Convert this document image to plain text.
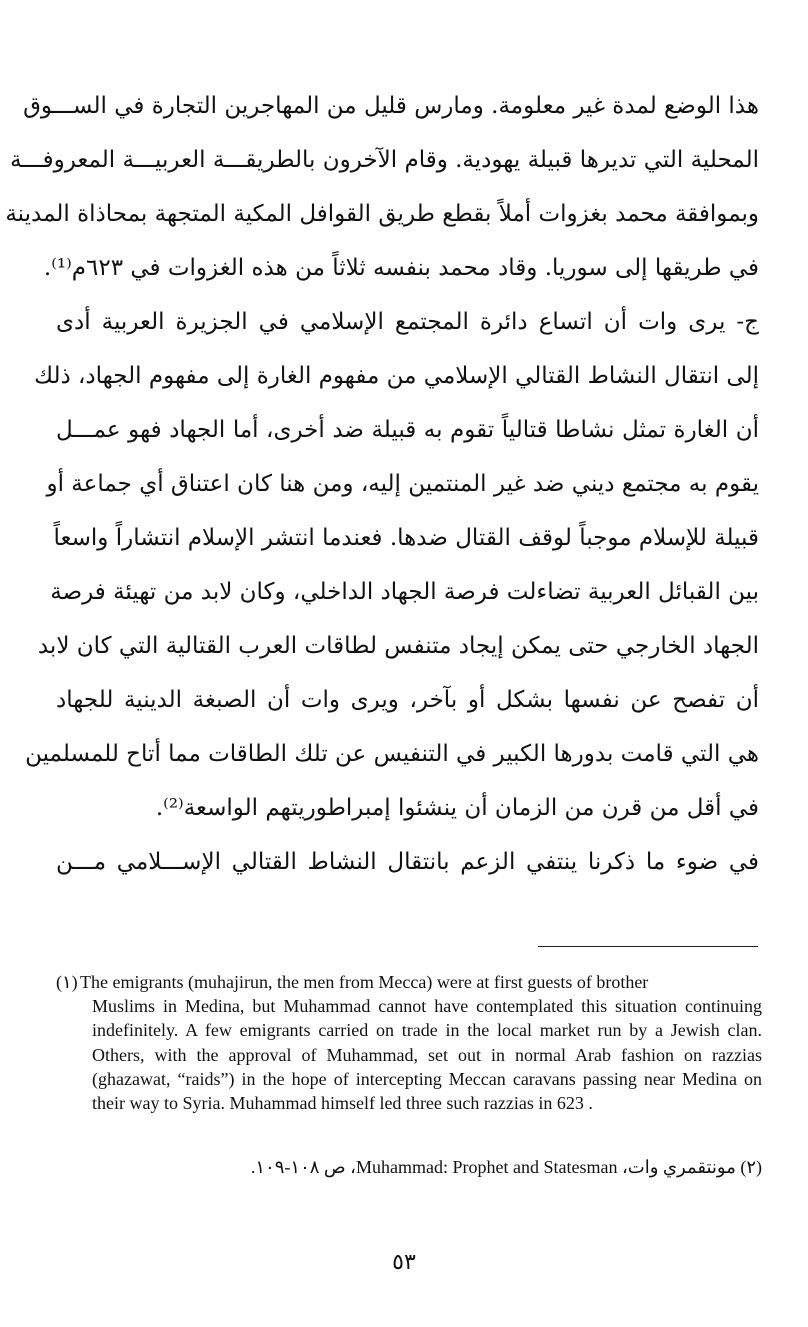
هذا الوضع لمدة غير معلومة. ومارس قليل من المهاجرين التجارة في الســـوق
المحلية التي تديرها قبيلة يهودية. وقام الآخرون بالطريقـــة العربيـــة المعروفـــة
وبموافقة محمد بغزوات أملاً بقطع طريق القوافل المكية المتجهة بمحاذاة المدينة
في طريقها إلى سوريا. وقاد محمد بنفسه ثلاثاً من هذه الغزوات في ٦٢٣م⁽¹⁾.
ج- يرى وات أن اتساع دائرة المجتمع الإسلامي في الجزيرة العربية أدى
إلى انتقال النشاط القتالي الإسلامي من مفهوم الغارة إلى مفهوم الجهاد، ذلك
أن الغارة تمثل نشاطا قتالياً تقوم به قبيلة ضد أخرى، أما الجهاد فهو عمـــل
يقوم به مجتمع ديني ضد غير المنتمين إليه، ومن هنا كان اعتناق أي جماعة أو
قبيلة للإسلام موجباً لوقف القتال ضدها. فعندما انتشر الإسلام انتشاراً واسعاً
بين القبائل العربية تضاءلت فرصة الجهاد الداخلي، وكان لابد من تهيئة فرصة
الجهاد الخارجي حتى يمكن إيجاد متنفس لطاقات العرب القتالية التي كان لابد
أن تفصح عن نفسها بشكل أو بآخر، ويرى وات أن الصبغة الدينية للجهاد
هي التي قامت بدورها الكبير في التنفيس عن تلك الطاقات مما أتاح للمسلمين
في أقل من قرن من الزمان أن ينشئوا إمبراطوريتهم الواسعة⁽²⁾.
في ضوء ما ذكرنا ينتفي الزعم بانتقال النشاط القتالي الإســـلامي مـــن
(١) The emigrants (muhajirun, the men from Mecca) were at first guests of brother
Muslims in Medina, but Muhammad cannot have contemplated this situation continuing indefinitely. A few emigrants carried on trade in the local market run by a Jewish clan. Others, with the approval of Muhammad, set out in normal Arab fashion on razzias (ghazawat, “raids”) in the hope of intercepting Meccan caravans passing near Medina on their way to Syria. Muhammad himself led three such razzias in 623 .
(٢) مونتقمري وات، Muhammad: Prophet and Statesman، ص ١٠٨-١٠٩.
٥٣
